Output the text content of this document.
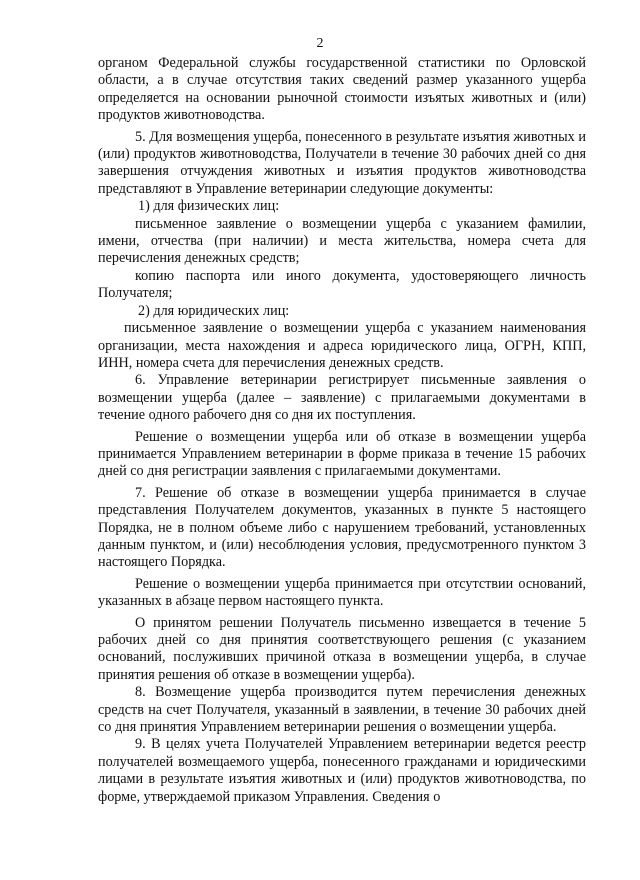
2

органом Федеральной службы государственной статистики по Орловской области, а в случае отсутствия таких сведений размер указанного ущерба определяется на основании рыночной стоимости изъятых животных и (или) продуктов животноводства.

5. Для возмещения ущерба, понесенного в результате изъятия животных и (или) продуктов животноводства, Получатели в течение 30 рабочих дней со дня завершения отчуждения животных и изъятия продуктов животноводства представляют в Управление ветеринарии следующие документы:

1) для физических лиц:

письменное заявление о возмещении ущерба с указанием фамилии, имени, отчества (при наличии) и места жительства, номера счета для перечисления денежных средств;

копию паспорта или иного документа, удостоверяющего личность Получателя;

2) для юридических лиц:

письменное заявление о возмещении ущерба с указанием наименования организации, места нахождения и адреса юридического лица, ОГРН, КПП, ИНН, номера счета для перечисления денежных средств.

6. Управление ветеринарии регистрирует письменные заявления о возмещении ущерба (далее – заявление) с прилагаемыми документами в течение одного рабочего дня со дня их поступления.

Решение о возмещении ущерба или об отказе в возмещении ущерба принимается Управлением ветеринарии в форме приказа в течение 15 рабочих дней со дня регистрации заявления с прилагаемыми документами.

7. Решение об отказе в возмещении ущерба принимается в случае представления Получателем документов, указанных в пункте 5 настоящего Порядка, не в полном объеме либо с нарушением требований, установленных данным пунктом, и (или) несоблюдения условия, предусмотренного пунктом 3 настоящего Порядка.

Решение о возмещении ущерба принимается при отсутствии оснований, указанных в абзаце первом настоящего пункта.

О принятом решении Получатель письменно извещается в течение 5 рабочих дней со дня принятия соответствующего решения (с указанием оснований, послуживших причиной отказа в возмещении ущерба, в случае принятия решения об отказе в возмещении ущерба).

8. Возмещение ущерба производится путем перечисления денежных средств на счет Получателя, указанный в заявлении, в течение 30 рабочих дней со дня принятия Управлением ветеринарии решения о возмещении ущерба.

9. В целях учета Получателей Управлением ветеринарии ведется реестр получателей возмещаемого ущерба, понесенного гражданами и юридическими лицами в результате изъятия животных и (или) продуктов животноводства, по форме, утверждаемой приказом Управления. Сведения о
